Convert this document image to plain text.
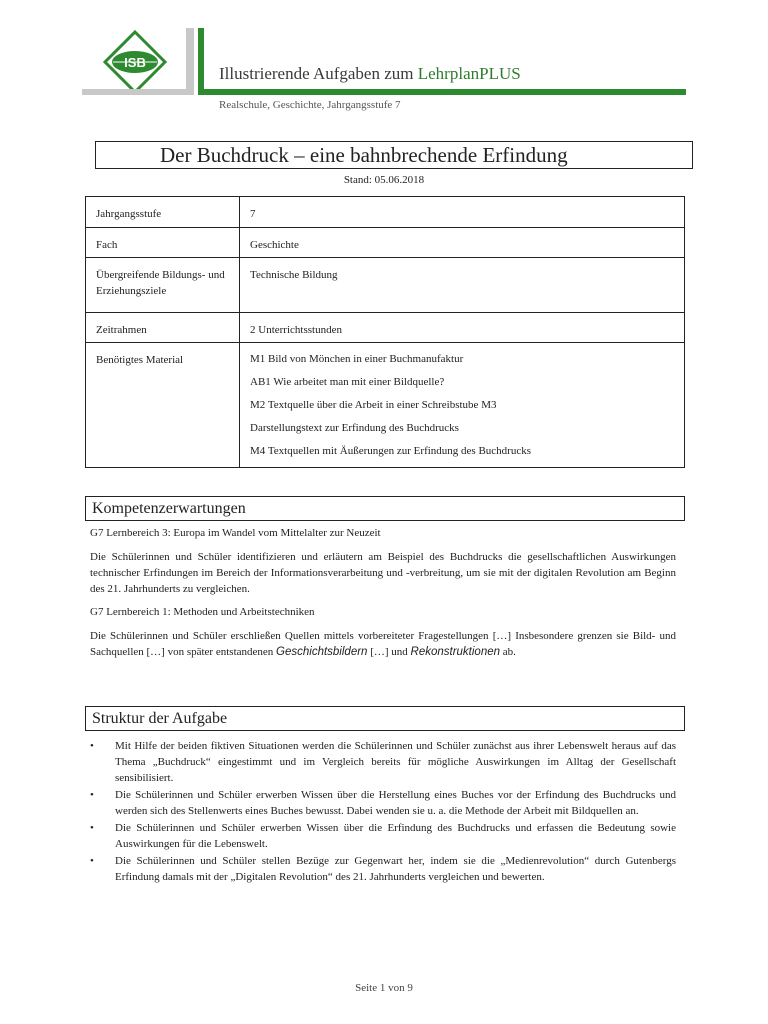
ISB
Illustrierende Aufgaben zum LehrplanPLUS
Realschule, Geschichte, Jahrgangsstufe 7
Der Buchdruck – eine bahnbrechende Erfindung
Stand: 05.06.2018
Jahrgangsstufe	7
Fach	Geschichte
Übergreifende Bildungs- und Erziehungsziele	Technische Bildung
Zeitrahmen	2 Unterrichtsstunden
Benötigtes Material	M1 Bild von Mönchen in einer Buchmanufaktur
AB1 Wie arbeitet man mit einer Bildquelle?
M2 Textquelle über die Arbeit in einer Schreibstube M3
Darstellungstext zur Erfindung des Buchdrucks
M4 Textquellen mit Äußerungen zur Erfindung des Buchdrucks
Kompetenzerwartungen
G7 Lernbereich 3: Europa im Wandel vom Mittelalter zur Neuzeit
Die Schülerinnen und Schüler identifizieren und erläutern am Beispiel des Buchdrucks die gesellschaftlichen Auswirkungen technischer Erfindungen im Bereich der Informationsverarbeitung und -verbreitung, um sie mit der digitalen Revolution am Beginn des 21. Jahrhunderts zu vergleichen.
G7 Lernbereich 1: Methoden und Arbeitstechniken
Die Schülerinnen und Schüler erschließen Quellen mittels vorbereiteter Fragestellungen […] Insbesondere grenzen sie Bild- und Sachquellen […] von später entstandenen Geschichtsbildern […] und Rekonstruktionen ab.
Struktur der Aufgabe
• Mit Hilfe der beiden fiktiven Situationen werden die Schülerinnen und Schüler zunächst aus ihrer Lebenswelt heraus auf das Thema „Buchdruck“ eingestimmt und im Vergleich bereits für mögliche Auswirkungen im Alltag der Gesellschaft sensibilisiert.
• Die Schülerinnen und Schüler erwerben Wissen über die Herstellung eines Buches vor der Erfindung des Buchdrucks und werden sich des Stellenwerts eines Buches bewusst. Dabei wenden sie u. a. die Methode der Arbeit mit Bildquellen an.
• Die Schülerinnen und Schüler erwerben Wissen über die Erfindung des Buchdrucks und erfassen die Bedeutung sowie Auswirkungen für die Lebenswelt.
• Die Schülerinnen und Schüler stellen Bezüge zur Gegenwart her, indem sie die „Medienrevolution“ durch Gutenbergs Erfindung damals mit der „Digitalen Revolution“ des 21. Jahrhunderts vergleichen und bewerten.
Seite 1 von 9
